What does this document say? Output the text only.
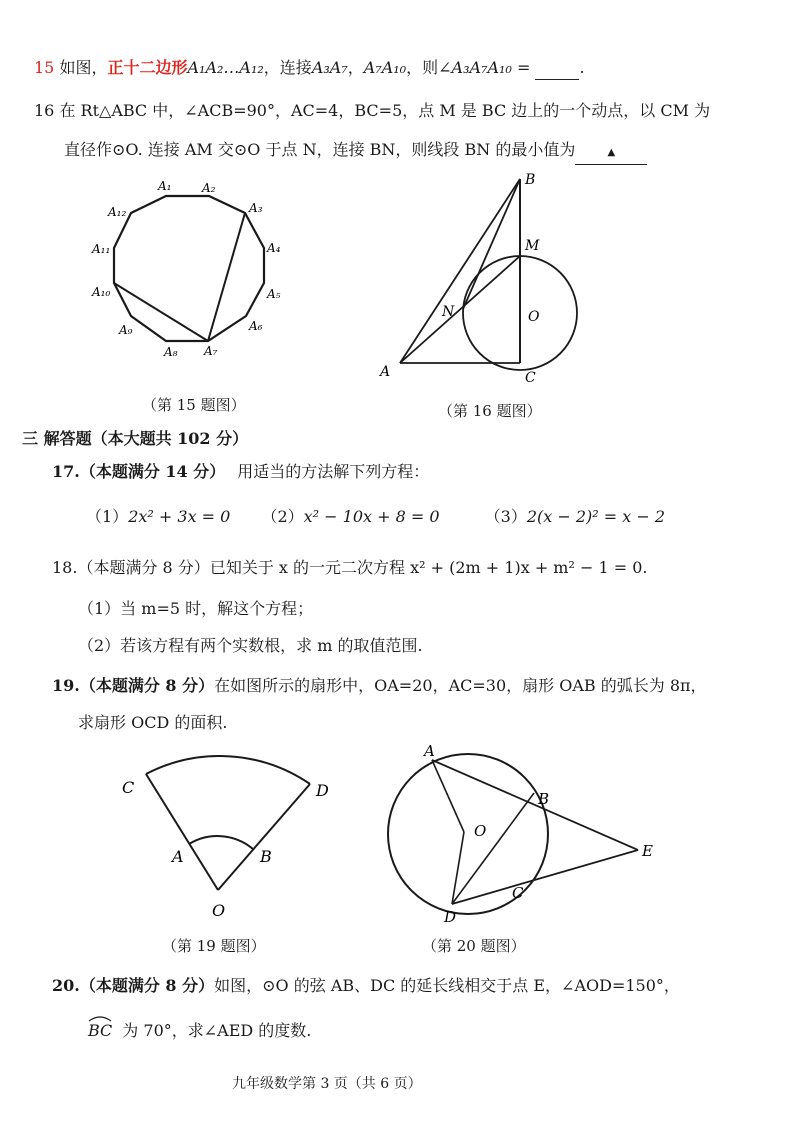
15 如图，正十二边形A₁A₂…A₁₂，连接A₃A₇，A₇A₁₀，则∠A₃A₇A₁₀ =	.
16 在 Rt△ABC 中，∠ACB=90°，AC=4，BC=5，点 M 是 BC 边上的一个动点，以 CM 为
直径作⊙O. 连接 AM 交⊙O 于点 N，连接 BN，则线段 BN 的最小值为	▲
A₁	A₂
A₃
A₄
A₅
A₆
A₇
A₈
A₉
A₁₀
A₁₁
A₁₂
（第 15 题图）
B
M
N	O
A	C
（第 16 题图）
三 解答题（本大题共 102 分）
17.（本题满分 14 分） 用适当的方法解下列方程：
（1）2x² + 3x = 0 （2）x² − 10x + 8 = 0	（3）2(x − 2)² = x − 2
18.（本题满分 8 分）已知关于 x 的一元二次方程 x² + (2m + 1)x + m² − 1 = 0.
（1）当 m=5 时，解这个方程；
（2）若该方程有两个实数根，求 m 的取值范围.
19.（本题满分 8 分）在如图所示的扇形中，OA=20，AC=30，扇形 OAB 的弧长为 8π，
求扇形 OCD 的面积.
C	D
A	B
O
（第 19 题图）
A
B
O
E
C
D
（第 20 题图）
20.（本题满分 8 分）如图，⊙O 的弦 AB、DC 的延长线相交于点 E，∠AOD=150°，
BC 为 70°，求∠AED 的度数.
九年级数学第 3 页（共 6 页）
